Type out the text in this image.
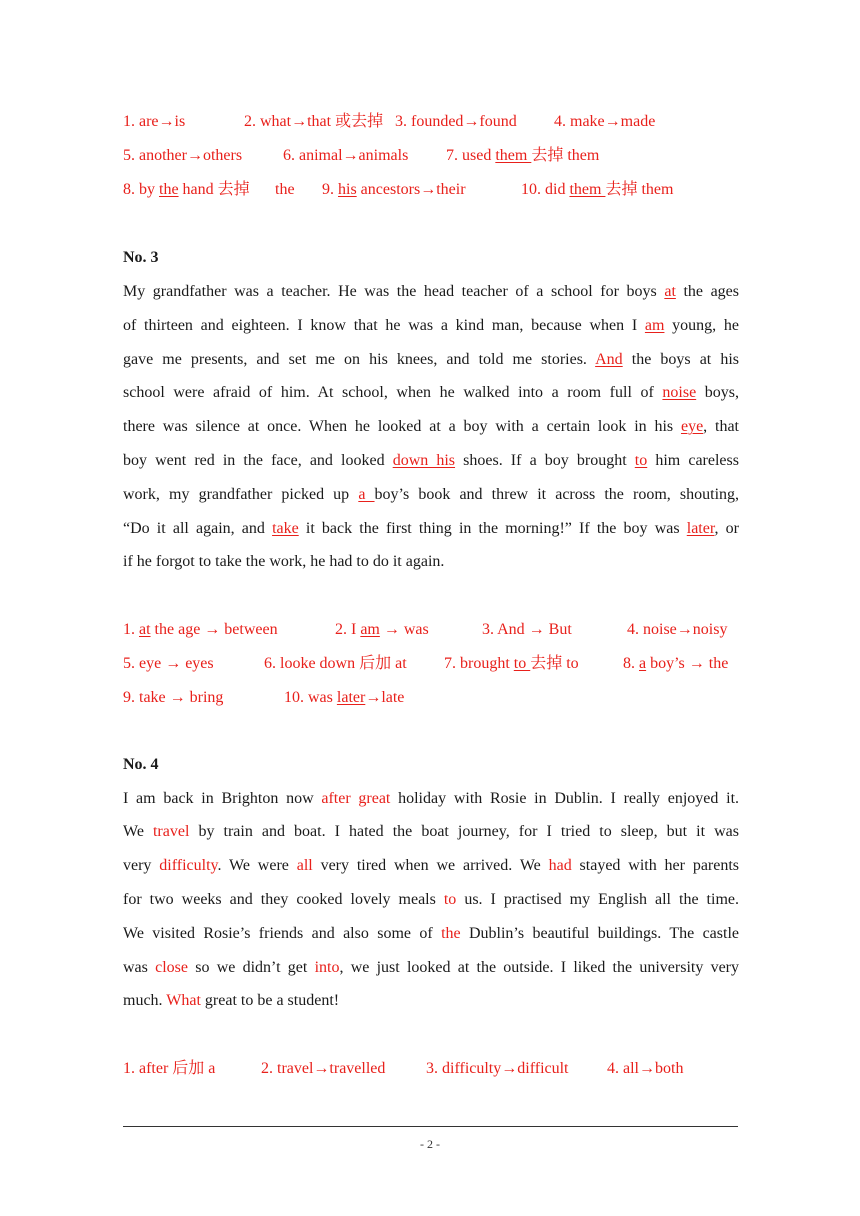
1. are→is	2. what→that 或去掉 3. founded→found 4. make→made
5. another→others	6. animal→animals 7. used them 去掉 them
8. by the hand 去掉 the 9. his ancestors→their	10. did them 去掉 them
No. 3
My grandfather was a teacher. He was the head teacher of a school for boys at the ages
of thirteen and eighteen. I know that he was a kind man, because when I am young, he
gave me presents, and set me on his knees, and told me stories. And the boys at his
school were afraid of him. At school, when he walked into a room full of noise boys,
there was silence at once. When he looked at a boy with a certain look in his eye, that
boy went red in the face, and looked down his shoes. If a boy brought to him careless
work, my grandfather picked up a boy’s book and threw it across the room, shouting,
“Do it all again, and take it back the first thing in the morning!” If the boy was later, or
if he forgot to take the work, he had to do it again.
1. at the age → between	2. I am → was	3. And → But	4. noise→noisy
5. eye → eyes	6. looke down 后加 at 7. brought to 去掉 to	8. a boy’s → the
9. take → bring	10. was later→late
No. 4
I am back in Brighton now after great holiday with Rosie in Dublin. I really enjoyed it.
We travel by train and boat. I hated the boat journey, for I tried to sleep, but it was
very difficulty. We were all very tired when we arrived. We had stayed with her parents
for two weeks and they cooked lovely meals to us. I practised my English all the time.
We visited Rosie’s friends and also some of the Dublin’s beautiful buildings. The castle
was close so we didn’t get into, we just looked at the outside. I liked the university very
much. What great to be a student!
1. after 后加 a	2. travel→travelled	3. difficulty→difficult 4. all→both
- 2 -
